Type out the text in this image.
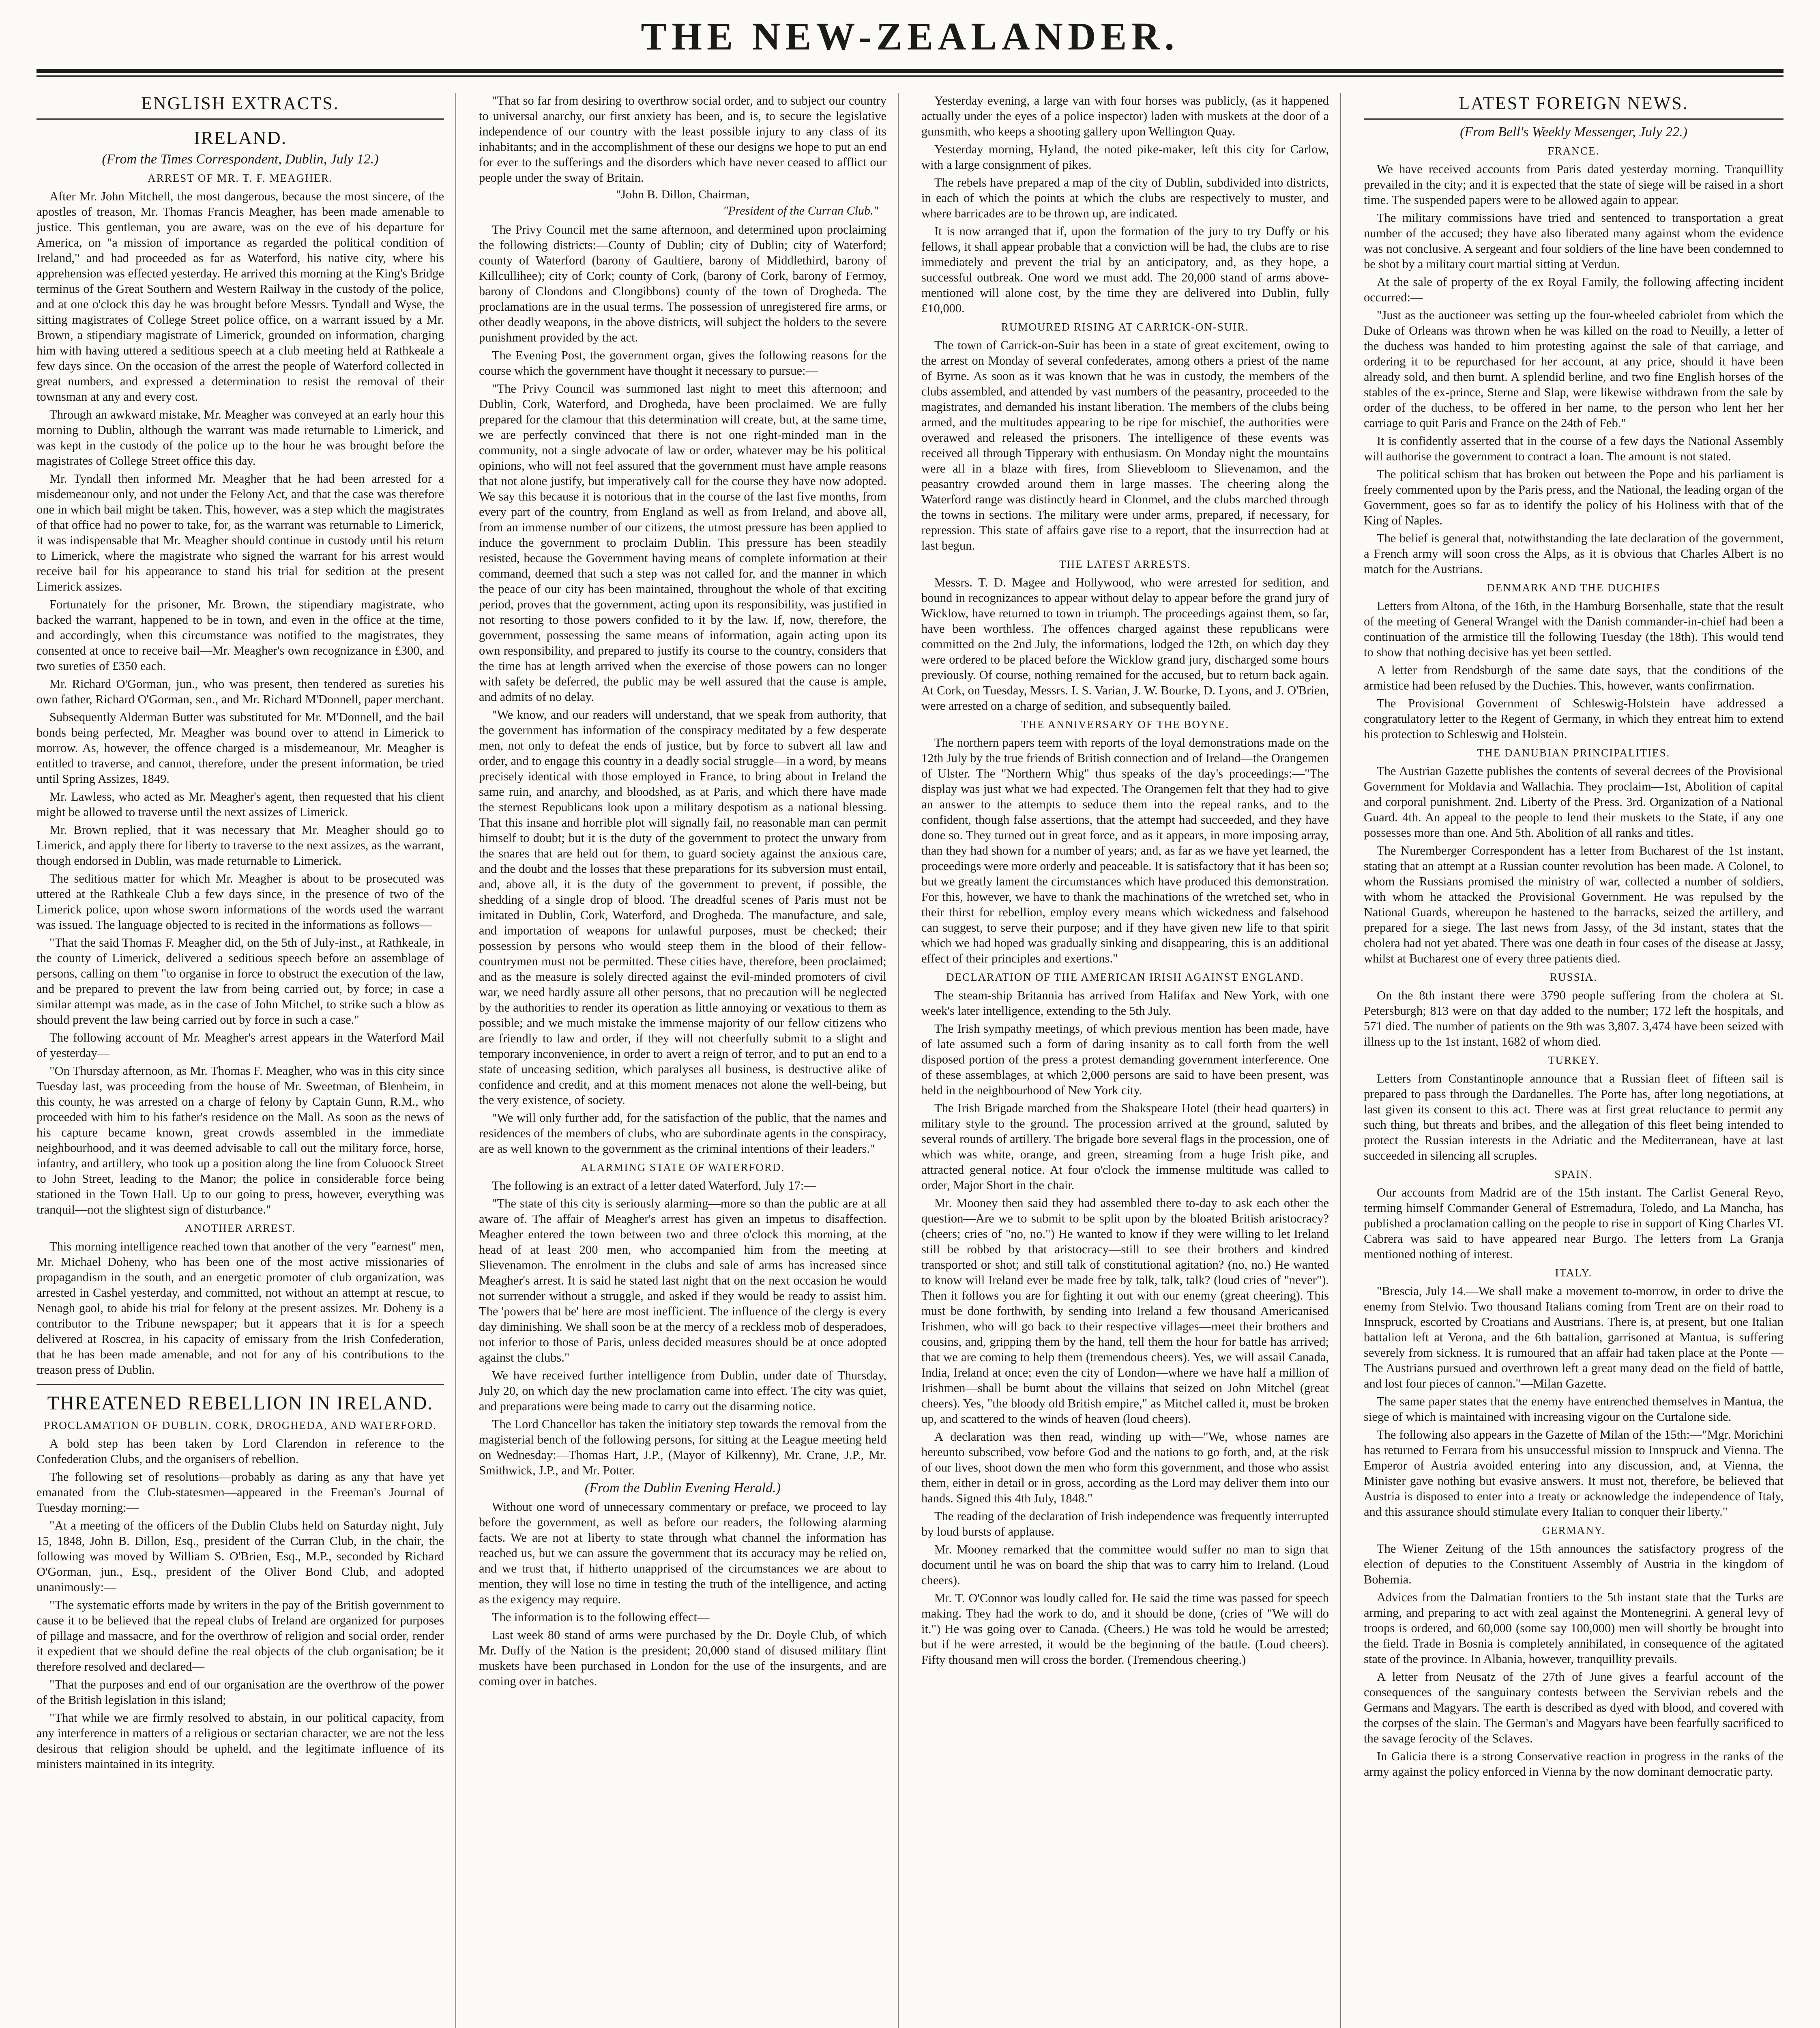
THE NEW-ZEALANDER.
ENGLISH EXTRACTS.
IRELAND.
(From the Times Correspondent, Dublin, July 12.)
ARREST OF MR. T. F. MEAGHER.

After Mr. John Mitchell, the most dangerous, because the most sincere, of the apostles of treason, Mr. Thomas Francis Meagher, has been made amenable to justice. This gentleman, you are aware, was on the eve of his departure for America, on "a mission of importance as regarded the political condition of Ireland," and had proceeded as far as Waterford, his native city, where his apprehension was effected yesterday. He arrived this morning at the King's Bridge terminus of the Great Southern and Western Railway in the custody of the police, and at one o'clock this day he was brought before Messrs. Tyndall and Wyse, the sitting magistrates of College Street police office, on a warrant issued by a Mr. Brown, a stipendiary magistrate of Limerick, grounded on information, charging him with having uttered a seditious speech at a club meeting held at Rathkeale a few days since. On the occasion of the arrest the people of Waterford collected in great numbers, and expressed a determination to resist the removal of their townsman at any and every cost.

Through an awkward mistake, Mr. Meagher was conveyed at an early hour this morning to Dublin, although the warrant was made returnable to Limerick, and was kept in the custody of the police up to the hour he was brought before the magistrates of College Street office this day.

Mr. Tyndall then informed Mr. Meagher that he had been arrested for a misdemeanour only, and not under the Felony Act, and that the case was therefore one in which bail might be taken. This, however, was a step which the magistrates of that office had no power to take, for, as the warrant was returnable to Limerick, it was indispensable that Mr. Meagher should continue in custody until his return to Limerick, where the magistrate who signed the warrant for his arrest would receive bail for his appearance to stand his trial for sedition at the present Limerick assizes.

Fortunately for the prisoner, Mr. Brown, the stipendiary magistrate, who backed the warrant, happened to be in town, and even in the office at the time, and accordingly, when this circumstance was notified to the magistrates, they consented at once to receive bail—Mr. Meagher's own recognizance in £300, and two sureties of £350 each.

Mr. Richard O'Gorman, jun., who was present, then tendered as sureties his own father, Richard O'Gorman, sen., and Mr. Richard M'Donnell, paper merchant.

Subsequently Alderman Butter was substituted for Mr. M'Donnell, and the bail bonds being perfected, Mr. Meagher was bound over to attend in Limerick to morrow. As, however, the offence charged is a misdemeanour, Mr. Meagher is entitled to traverse, and cannot, therefore, under the present information, be tried until Spring Assizes, 1849.

Mr. Lawless, who acted as Mr. Meagher's agent, then requested that his client might be allowed to traverse until the next assizes of Limerick.

Mr. Brown replied, that it was necessary that Mr. Meagher should go to Limerick, and apply there for liberty to traverse to the next assizes, as the warrant, though endorsed in Dublin, was made returnable to Limerick.

The seditious matter for which Mr. Meagher is about to be prosecuted was uttered at the Rathkeale Club a few days since, in the presence of two of the Limerick police, upon whose sworn informations of the words used the warrant was issued. The language objected to is recited in the informations as follows—

"That the said Thomas F. Meagher did, on the 5th of July-inst., at Rathkeale, in the county of Limerick, delivered a seditious speech before an assemblage of persons, calling on them "to organise in force to obstruct the execution of the law, and be prepared to prevent the law from being carried out, by force; in case a similar attempt was made, as in the case of John Mitchel, to strike such a blow as should prevent the law being carried out by force in such a case."

The following account of Mr. Meagher's arrest appears in the Waterford Mail of yesterday—

"On Thursday afternoon, as Mr. Thomas F. Meagher, who was in this city since Tuesday last, was proceeding from the house of Mr. Sweetman, of Blenheim, in this county, he was arrested on a charge of felony by Captain Gunn, R.M., who proceeded with him to his father's residence on the Mall. As soon as the news of his capture became known, great crowds assembled in the immediate neighbourhood, and it was deemed advisable to call out the military force, horse, infantry, and artillery, who took up a position along the line from Coluoock Street to John Street, leading to the Manor; the police in considerable force being stationed in the Town Hall. Up to our going to press, however, everything was tranquil—not the slightest sign of disturbance."

ANOTHER ARREST.

This morning intelligence reached town that another of the very "earnest" men, Mr. Michael Doheny, who has been one of the most active missionaries of propagandism in the south, and an energetic promoter of club organization, was arrested in Cashel yesterday, and committed, not without an attempt at rescue, to Nenagh gaol, to abide his trial for felony at the present assizes. Mr. Doheny is a contributor to the Tribune newspaper; but it appears that it is for a speech delivered at Roscrea, in his capacity of emissary from the Irish Confederation, that he has been made amenable, and not for any of his contributions to the treason press of Dublin.

THREATENED REBELLION IN IRELAND.
PROCLAMATION OF DUBLIN, CORK, DROGHEDA, AND WATERFORD.

A bold step has been taken by Lord Clarendon in reference to the Confederation Clubs, and the organisers of rebellion.

The following set of resolutions—probably as daring as any that have yet emanated from the Club-statesmen—appeared in the Freeman's Journal of Tuesday morning:—

"At a meeting of the officers of the Dublin Clubs held on Saturday night, July 15, 1848, John B. Dillon, Esq., president of the Curran Club, in the chair, the following was moved by William S. O'Brien, Esq., M.P., seconded by Richard O'Gorman, jun., Esq., president of the Oliver Bond Club, and adopted unanimously:—

"The systematic efforts made by writers in the pay of the British government to cause it to be believed that the repeal clubs of Ireland are organized for purposes of pillage and massacre, and for the overthrow of religion and social order, render it expedient that we should define the real objects of the club organisation; be it therefore resolved and declared—

"That the purposes and end of our organisation are the overthrow of the power of the British legislation in this island;

"That while we are firmly resolved to abstain, in our political capacity, from any interference in matters of a religious or sectarian character, we are not the less desirous that religion should be upheld, and the legitimate influence of its ministers maintained in its integrity.

"That so far from desiring to overthrow social order, and to subject our country to universal anarchy, our first anxiety has been, and is, to secure the legislative independence of our country with the least possible injury to any class of its inhabitants; and in the accomplishment of these our designs we hope to put an end for ever to the sufferings and the disorders which have never ceased to afflict our people under the sway of Britain.

"John B. Dillon, Chairman,

"President of the Curran Club."

The Privy Council met the same afternoon, and determined upon proclaiming the following districts:—County of Dublin; city of Dublin; city of Waterford; county of Waterford (barony of Gaultiere, barony of Middlethird, barony of Killcullihee); city of Cork; county of Cork, (barony of Cork, barony of Fermoy, barony of Clondons and Clongibbons) county of the town of Drogheda. The proclamations are in the usual terms. The possession of unregistered fire arms, or other deadly weapons, in the above districts, will subject the holders to the severe punishment provided by the act.

The Evening Post, the government organ, gives the following reasons for the course which the government have thought it necessary to pursue:—

"The Privy Council was summoned last night to meet this afternoon; and Dublin, Cork, Waterford, and Drogheda, have been proclaimed. We are fully prepared for the clamour that this determination will create, but, at the same time, we are perfectly convinced that there is not one right-minded man in the community, not a single advocate of law or order, whatever may be his political opinions, who will not feel assured that the government must have ample reasons that not alone justify, but imperatively call for the course they have now adopted. We say this because it is notorious that in the course of the last five months, from every part of the country, from England as well as from Ireland, and above all, from an immense number of our citizens, the utmost pressure has been applied to induce the government to proclaim Dublin. This pressure has been steadily resisted, because the Government having means of complete information at their command, deemed that such a step was not called for, and the manner in which the peace of our city has been maintained, throughout the whole of that exciting period, proves that the government, acting upon its responsibility, was justified in not resorting to those powers confided to it by the law. If, now, therefore, the government, possessing the same means of information, again acting upon its own responsibility, and prepared to justify its course to the country, considers that the time has at length arrived when the exercise of those powers can no longer with safety be deferred, the public may be well assured that the cause is ample, and admits of no delay.

"We know, and our readers will understand, that we speak from authority, that the government has information of the conspiracy meditated by a few desperate men, not only to defeat the ends of justice, but by force to subvert all law and order, and to engage this country in a deadly social struggle—in a word, by means precisely identical with those employed in France, to bring about in Ireland the same ruin, and anarchy, and bloodshed, as at Paris, and which there have made the sternest Republicans look upon a military despotism as a national blessing. That this insane and horrible plot will signally fail, no reasonable man can permit himself to doubt; but it is the duty of the government to protect the unwary from the snares that are held out for them, to guard society against the anxious care, and the doubt and the losses that these preparations for its subversion must entail, and, above all, it is the duty of the government to prevent, if possible, the shedding of a single drop of blood. The dreadful scenes of Paris must not be imitated in Dublin, Cork, Waterford, and Drogheda. The manufacture, and sale, and importation of weapons for unlawful purposes, must be checked; their possession by persons who would steep them in the blood of their fellow-countrymen must not be permitted. These cities have, therefore, been proclaimed; and as the measure is solely directed against the evil-minded promoters of civil war, we need hardly assure all other persons, that no precaution will be neglected by the authorities to render its operation as little annoying or vexatious to them as possible; and we much mistake the immense majority of our fellow citizens who are friendly to law and order, if they will not cheerfully submit to a slight and temporary inconvenience, in order to avert a reign of terror, and to put an end to a state of unceasing sedition, which paralyses all business, is destructive alike of confidence and credit, and at this moment menaces not alone the well-being, but the very existence, of society.

"We will only further add, for the satisfaction of the public, that the names and residences of the members of clubs, who are subordinate agents in the conspiracy, are as well known to the government as the criminal intentions of their leaders."

ALARMING STATE OF WATERFORD.

The following is an extract of a letter dated Waterford, July 17:—

"The state of this city is seriously alarming—more so than the public are at all aware of. The affair of Meagher's arrest has given an impetus to disaffection. Meagher entered the town between two and three o'clock this morning, at the head of at least 200 men, who accompanied him from the meeting at Slievenamon. The enrolment in the clubs and sale of arms has increased since Meagher's arrest. It is said he stated last night that on the next occasion he would not surrender without a struggle, and asked if they would be ready to assist him. The 'powers that be' here are most inefficient. The influence of the clergy is every day diminishing. We shall soon be at the mercy of a reckless mob of desperadoes, not inferior to those of Paris, unless decided measures should be at once adopted against the clubs."

We have received further intelligence from Dublin, under date of Thursday, July 20, on which day the new proclamation came into effect. The city was quiet, and preparations were being made to carry out the disarming notice.

The Lord Chancellor has taken the initiatory step towards the removal from the magisterial bench of the following persons, for sitting at the League meeting held on Wednesday:—Thomas Hart, J.P., (Mayor of Kilkenny), Mr. Crane, J.P., Mr. Smithwick, J.P., and Mr. Potter.

(From the Dublin Evening Herald.)

Without one word of unnecessary commentary or preface, we proceed to lay before the government, as well as before our readers, the following alarming facts. We are not at liberty to state through what channel the information has reached us, but we can assure the government that its accuracy may be relied on, and we trust that, if hitherto unapprised of the circumstances we are about to mention, they will lose no time in testing the truth of the intelligence, and acting as the exigency may require.

The information is to the following effect—

Last week 80 stand of arms were purchased by the Dr. Doyle Club, of which Mr. Duffy of the Nation is the president; 20,000 stand of disused military flint muskets have been purchased in London for the use of the insurgents, and are coming over in batches.

Yesterday evening, a large van with four horses was publicly, (as it happened actually under the eyes of a police inspector) laden with muskets at the door of a gunsmith, who keeps a shooting gallery upon Wellington Quay.

Yesterday morning, Hyland, the noted pike-maker, left this city for Carlow, with a large consignment of pikes.

The rebels have prepared a map of the city of Dublin, subdivided into districts, in each of which the points at which the clubs are respectively to muster, and where barricades are to be thrown up, are indicated.

It is now arranged that if, upon the formation of the jury to try Duffy or his fellows, it shall appear probable that a conviction will be had, the clubs are to rise immediately and prevent the trial by an anticipatory, and, as they hope, a successful outbreak. One word we must add. The 20,000 stand of arms above-mentioned will alone cost, by the time they are delivered into Dublin, fully £10,000.

RUMOURED RISING AT CARRICK-ON-SUIR.

The town of Carrick-on-Suir has been in a state of great excitement, owing to the arrest on Monday of several confederates, among others a priest of the name of Byrne. As soon as it was known that he was in custody, the members of the clubs assembled, and attended by vast numbers of the peasantry, proceeded to the magistrates, and demanded his instant liberation. The members of the clubs being armed, and the multitudes appearing to be ripe for mischief, the authorities were overawed and released the prisoners. The intelligence of these events was received all through Tipperary with enthusiasm. On Monday night the mountains were all in a blaze with fires, from Slievebloom to Slievenamon, and the peasantry crowded around them in large masses. The cheering along the Waterford range was distinctly heard in Clonmel, and the clubs marched through the towns in sections. The military were under arms, prepared, if necessary, for repression. This state of affairs gave rise to a report, that the insurrection had at last begun.

THE LATEST ARRESTS.

Messrs. T. D. Magee and Hollywood, who were arrested for sedition, and bound in recognizances to appear without delay to appear before the grand jury of Wicklow, have returned to town in triumph. The proceedings against them, so far, have been worthless. The offences charged against these republicans were committed on the 2nd July, the informations, lodged the 12th, on which day they were ordered to be placed before the Wicklow grand jury, discharged some hours previously. Of course, nothing remained for the accused, but to return back again. At Cork, on Tuesday, Messrs. I. S. Varian, J. W. Bourke, D. Lyons, and J. O'Brien, were arrested on a charge of sedition, and subsequently bailed.

THE ANNIVERSARY OF THE BOYNE.

The northern papers teem with reports of the loyal demonstrations made on the 12th July by the true friends of British connection and of Ireland—the Orangemen of Ulster. The "Northern Whig" thus speaks of the day's proceedings:—"The display was just what we had expected. The Orangemen felt that they had to give an answer to the attempts to seduce them into the repeal ranks, and to the confident, though false assertions, that the attempt had succeeded, and they have done so. They turned out in great force, and as it appears, in more imposing array, than they had shown for a number of years; and, as far as we have yet learned, the proceedings were more orderly and peaceable. It is satisfactory that it has been so; but we greatly lament the circumstances which have produced this demonstration. For this, however, we have to thank the machinations of the wretched set, who in their thirst for rebellion, employ every means which wickedness and falsehood can suggest, to serve their purpose; and if they have given new life to that spirit which we had hoped was gradually sinking and disappearing, this is an additional effect of their principles and exertions."

DECLARATION OF THE AMERICAN IRISH AGAINST ENGLAND.

The steam-ship Britannia has arrived from Halifax and New York, with one week's later intelligence, extending to the 5th July.

The Irish sympathy meetings, of which previous mention has been made, have of late assumed such a form of daring insanity as to call forth from the well disposed portion of the press a protest demanding government interference. One of these assemblages, at which 2,000 persons are said to have been present, was held in the neighbourhood of New York city.

The Irish Brigade marched from the Shakspeare Hotel (their head quarters) in military style to the ground. The procession arrived at the ground, saluted by several rounds of artillery. The brigade bore several flags in the procession, one of which was white, orange, and green, streaming from a huge Irish pike, and attracted general notice. At four o'clock the immense multitude was called to order, Major Short in the chair.

Mr. Mooney then said they had assembled there to-day to ask each other the question—Are we to submit to be split upon by the bloated British aristocracy? (cheers; cries of "no, no.") He wanted to know if they were willing to let Ireland still be robbed by that aristocracy—still to see their brothers and kindred transported or shot; and still talk of constitutional agitation? (no, no.) He wanted to know will Ireland ever be made free by talk, talk, talk? (loud cries of "never"). Then it follows you are for fighting it out with our enemy (great cheering). This must be done forthwith, by sending into Ireland a few thousand Americanised Irishmen, who will go back to their respective villages—meet their brothers and cousins, and, gripping them by the hand, tell them the hour for battle has arrived; that we are coming to help them (tremendous cheers). Yes, we will assail Canada, India, Ireland at once; even the city of London—where we have half a million of Irishmen—shall be burnt about the villains that seized on John Mitchel (great cheers). Yes, "the bloody old British empire," as Mitchel called it, must be broken up, and scattered to the winds of heaven (loud cheers).

A declaration was then read, winding up with—"We, whose names are hereunto subscribed, vow before God and the nations to go forth, and, at the risk of our lives, shoot down the men who form this government, and those who assist them, either in detail or in gross, according as the Lord may deliver them into our hands. Signed this 4th July, 1848."

The reading of the declaration of Irish independence was frequently interrupted by loud bursts of applause.

Mr. Mooney remarked that the committee would suffer no man to sign that document until he was on board the ship that was to carry him to Ireland. (Loud cheers).

Mr. T. O'Connor was loudly called for. He said the time was passed for speech making. They had the work to do, and it should be done, (cries of "We will do it.") He was going over to Canada. (Cheers.) He was told he would be arrested; but if he were arrested, it would be the beginning of the battle. (Loud cheers). Fifty thousand men will cross the border. (Tremendous cheering.)

LATEST FOREIGN NEWS.
(From Bell's Weekly Messenger, July 22.)
FRANCE.

We have received accounts from Paris dated yesterday morning. Tranquillity prevailed in the city; and it is expected that the state of siege will be raised in a short time. The suspended papers were to be allowed again to appear.

The military commissions have tried and sentenced to transportation a great number of the accused; they have also liberated many against whom the evidence was not conclusive. A sergeant and four soldiers of the line have been condemned to be shot by a military court martial sitting at Verdun.

At the sale of property of the ex Royal Family, the following affecting incident occurred:—

"Just as the auctioneer was setting up the four-wheeled cabriolet from which the Duke of Orleans was thrown when he was killed on the road to Neuilly, a letter of the duchess was handed to him protesting against the sale of that carriage, and ordering it to be repurchased for her account, at any price, should it have been already sold, and then burnt. A splendid berline, and two fine English horses of the stables of the ex-prince, Sterne and Slap, were likewise withdrawn from the sale by order of the duchess, to be offered in her name, to the person who lent her her carriage to quit Paris and France on the 24th of Feb."

It is confidently asserted that in the course of a few days the National Assembly will authorise the government to contract a loan. The amount is not stated.

The political schism that has broken out between the Pope and his parliament is freely commented upon by the Paris press, and the National, the leading organ of the Government, goes so far as to identify the policy of his Holiness with that of the King of Naples.

The belief is general that, notwithstanding the late declaration of the government, a French army will soon cross the Alps, as it is obvious that Charles Albert is no match for the Austrians.

DENMARK AND THE DUCHIES

Letters from Altona, of the 16th, in the Hamburg Borsenhalle, state that the result of the meeting of General Wrangel with the Danish commander-in-chief had been a continuation of the armistice till the following Tuesday (the 18th). This would tend to show that nothing decisive has yet been settled.

A letter from Rendsburgh of the same date says, that the conditions of the armistice had been refused by the Duchies. This, however, wants confirmation.

The Provisional Government of Schleswig-Holstein have addressed a congratulatory letter to the Regent of Germany, in which they entreat him to extend his protection to Schleswig and Holstein.

THE DANUBIAN PRINCIPALITIES.

The Austrian Gazette publishes the contents of several decrees of the Provisional Government for Moldavia and Wallachia. They proclaim—1st, Abolition of capital and corporal punishment. 2nd. Liberty of the Press. 3rd. Organization of a National Guard. 4th. An appeal to the people to lend their muskets to the State, if any one possesses more than one. And 5th. Abolition of all ranks and titles.

The Nuremberger Correspondent has a letter from Bucharest of the 1st instant, stating that an attempt at a Russian counter revolution has been made. A Colonel, to whom the Russians promised the ministry of war, collected a number of soldiers, with whom he attacked the Provisional Government. He was repulsed by the National Guards, whereupon he hastened to the barracks, seized the artillery, and prepared for a siege. The last news from Jassy, of the 3d instant, states that the cholera had not yet abated. There was one death in four cases of the disease at Jassy, whilst at Bucharest one of every three patients died.

RUSSIA.

On the 8th instant there were 3790 people suffering from the cholera at St. Petersburgh; 813 were on that day added to the number; 172 left the hospitals, and 571 died. The number of patients on the 9th was 3,807. 3,474 have been seized with illness up to the 1st instant, 1682 of whom died.

TURKEY.

Letters from Constantinople announce that a Russian fleet of fifteen sail is prepared to pass through the Dardanelles. The Porte has, after long negotiations, at last given its consent to this act. There was at first great reluctance to permit any such thing, but threats and bribes, and the allegation of this fleet being intended to protect the Russian interests in the Adriatic and the Mediterranean, have at last succeeded in silencing all scruples.

SPAIN.

Our accounts from Madrid are of the 15th instant. The Carlist General Reyo, terming himself Commander General of Estremadura, Toledo, and La Mancha, has published a proclamation calling on the people to rise in support of King Charles VI. Cabrera was said to have appeared near Burgo. The letters from La Granja mentioned nothing of interest.

ITALY.

"Brescia, July 14.—We shall make a movement to-morrow, in order to drive the enemy from Stelvio. Two thousand Italians coming from Trent are on their road to Innspruck, escorted by Croatians and Austrians. There is, at present, but one Italian battalion left at Verona, and the 6th battalion, garrisoned at Mantua, is suffering severely from sickness. It is rumoured that an affair had taken place at the Ponte — The Austrians pursued and overthrown left a great many dead on the field of battle, and lost four pieces of cannon."—Milan Gazette.

The same paper states that the enemy have entrenched themselves in Mantua, the siege of which is maintained with increasing vigour on the Curtalone side.

The following also appears in the Gazette of Milan of the 15th:—"Mgr. Morichini has returned to Ferrara from his unsuccessful mission to Innspruck and Vienna. The Emperor of Austria avoided entering into any discussion, and, at Vienna, the Minister gave nothing but evasive answers. It must not, therefore, be believed that Austria is disposed to enter into a treaty or acknowledge the independence of Italy, and this assurance should stimulate every Italian to conquer their liberty."

GERMANY.

The Wiener Zeitung of the 15th announces the satisfactory progress of the election of deputies to the Constituent Assembly of Austria in the kingdom of Bohemia.

Advices from the Dalmatian frontiers to the 5th instant state that the Turks are arming, and preparing to act with zeal against the Montenegrini. A general levy of troops is ordered, and 60,000 (some say 100,000) men will shortly be brought into the field. Trade in Bosnia is completely annihilated, in consequence of the agitated state of the province. In Albania, however, tranquillity prevails.

A letter from Neusatz of the 27th of June gives a fearful account of the consequences of the sanguinary contests between the Servivian rebels and the Germans and Magyars. The earth is described as dyed with blood, and covered with the corpses of the slain. The German's and Magyars have been fearfully sacrificed to the savage ferocity of the Sclaves.

In Galicia there is a strong Conservative reaction in progress in the ranks of the army against the policy enforced in Vienna by the now dominant democratic party.
